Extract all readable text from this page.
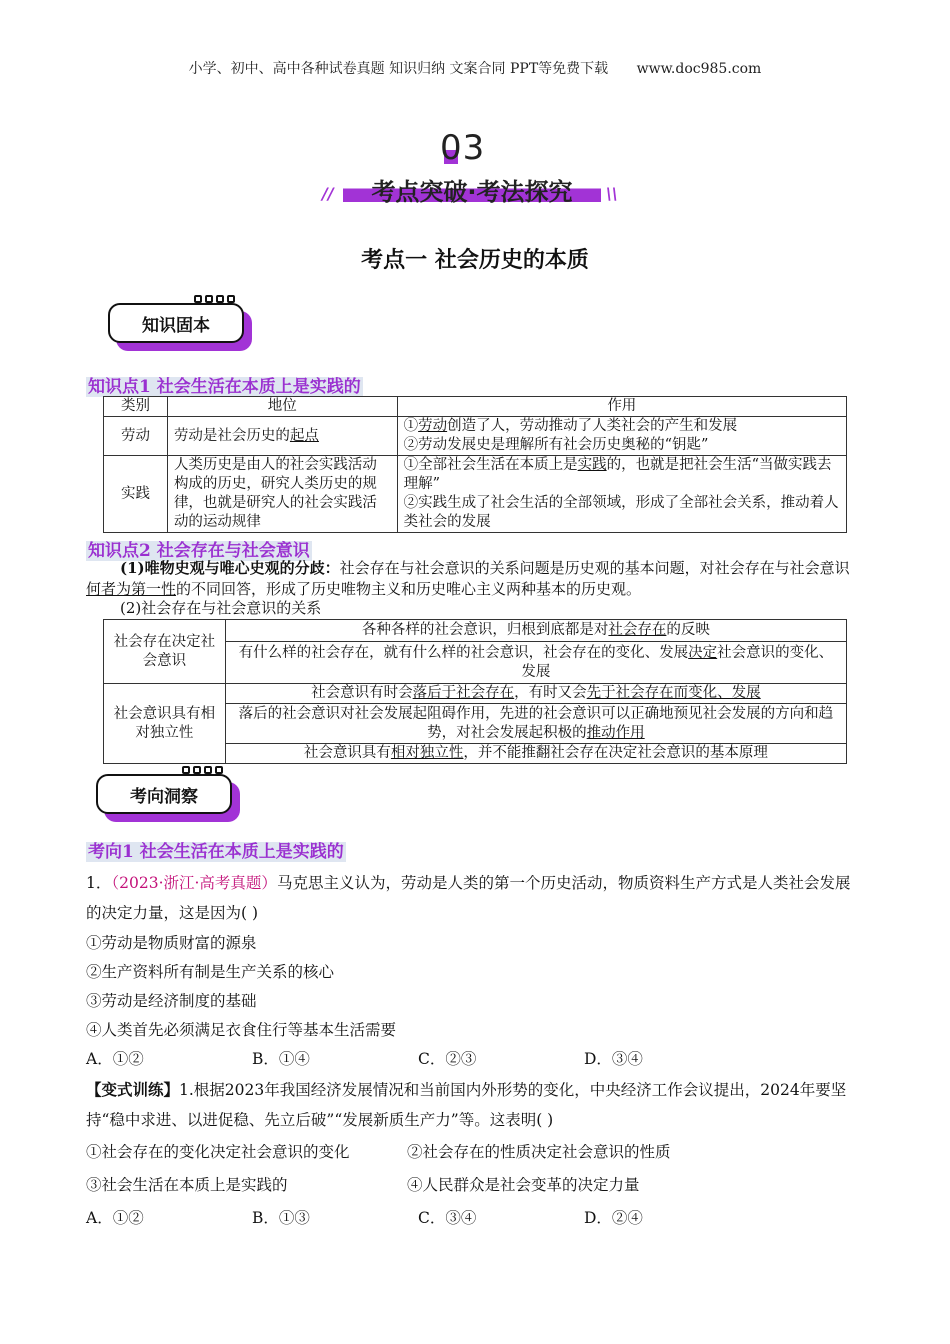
小学、初中、高中各种试卷真题 知识归纳 文案合同 PPT等免费下载 www.doc985.com
03
考点突破·考法探究
//	\\
考点一 社会历史的本质
知识固本
知识点1 社会生活在本质上是实践的
类别	地位	作用
劳动	劳动是社会历史的起点	①劳动创造了人，劳动推动了人类社会的产生和发展
②劳动发展史是理解所有社会历史奥秘的“钥匙”

实践	人类历史是由人的社会实践活动构成的历史，研究人类历史的规律，也就是研究人的社会实践活动的运动规律	①全部社会生活在本质上是实践的，也就是把社会生活“当做实践去理解”
②实践生成了社会生活的全部领域，形成了全部社会关系，推动着人类社会的发展
知识点2 社会存在与社会意识
(1)唯物史观与唯心史观的分歧：社会存在与社会意识的关系问题是历史观的基本问题，对社会存在与社会意识何者为第一性的不同回答，形成了历史唯物主义和历史唯心主义两种基本的历史观。
(2)社会存在与社会意识的关系
社会存在决定社会意识	各种各样的社会意识，归根到底都是对社会存在的反映
	有什么样的社会存在，就有什么样的社会意识，社会存在的变化、发展决定社会意识的变化、发展
社会意识具有相对独立性	社会意识有时会落后于社会存在，有时又会先于社会存在而变化、发展
	落后的社会意识对社会发展起阻碍作用，先进的社会意识可以正确地预见社会发展的方向和趋势，对社会发展起积极的推动作用
	社会意识具有相对独立性，并不能推翻社会存在决定社会意识的基本原理
考向洞察
考向1 社会生活在本质上是实践的
1．（2023·浙江·高考真题）马克思主义认为，劳动是人类的第一个历史活动，物质资料生产方式是人类社会发展的决定力量，这是因为( )
①劳动是物质财富的源泉
②生产资料所有制是生产关系的核心
③劳动是经济制度的基础
④人类首先必须满足衣食住行等基本生活需要
A．①②	B．①④	C．②③	D．③④
【变式训练】1.根据2023年我国经济发展情况和当前国内外形势的变化，中央经济工作会议提出，2024年要坚持“稳中求进、以进促稳、先立后破”“发展新质生产力”等。这表明( )
①社会存在的变化决定社会意识的变化	②社会存在的性质决定社会意识的性质
③社会生活在本质上是实践的	④人民群众是社会变革的决定力量
A．①②	B．①③	C．③④	D．②④
